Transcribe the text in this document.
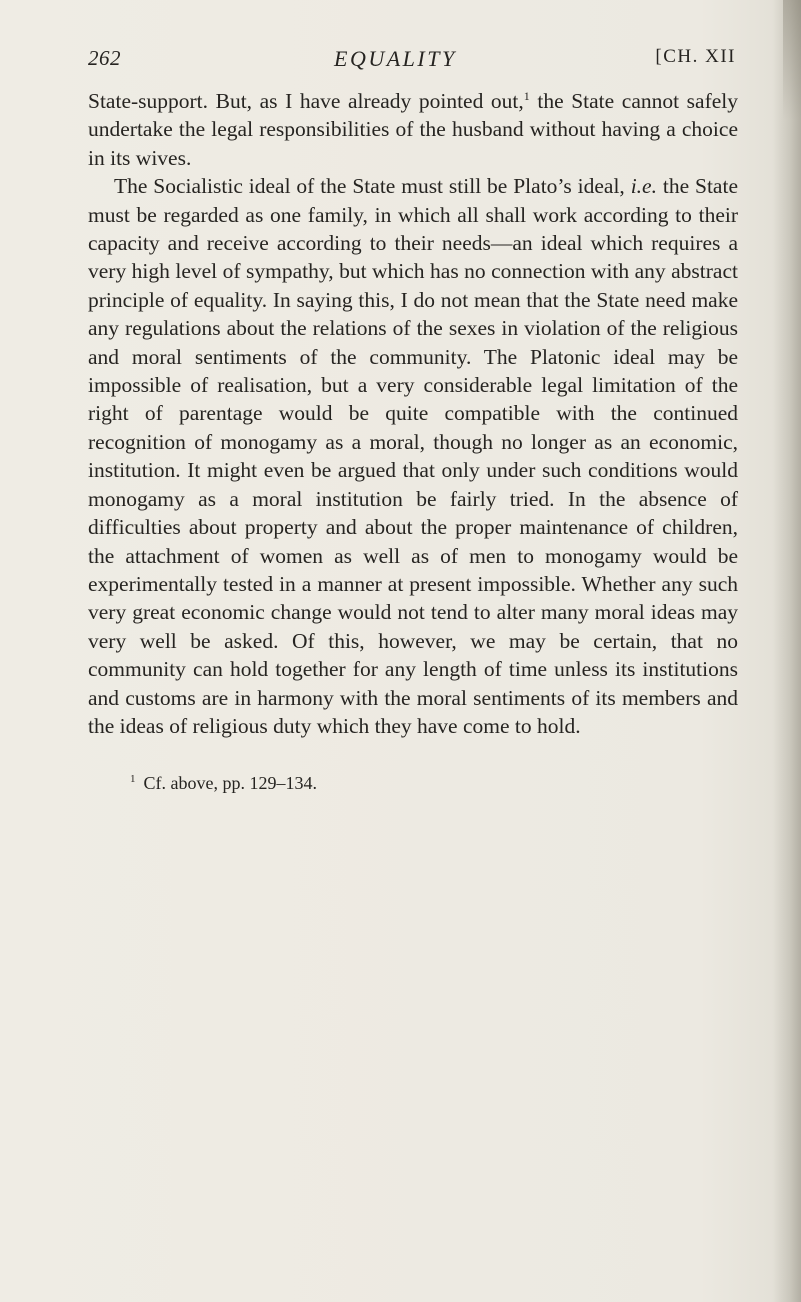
262	EQUALITY	[CH. XII

State-support. But, as I have already pointed out,$^1$ the State cannot safely undertake the legal responsibilities of the husband without having a choice in its wives.

The Socialistic ideal of the State must still be Plato’s ideal, i.e. the State must be regarded as one family, in which all shall work according to their capacity and receive according to their needs—an ideal which requires a very high level of sympathy, but which has no connection with any abstract principle of equality. In saying this, I do not mean that the State need make any regulations about the relations of the sexes in violation of the religious and moral sentiments of the community. The Platonic ideal may be impossible of realisation, but a very considerable legal limitation of the right of parentage would be quite compatible with the continued recognition of monogamy as a moral, though no longer as an economic, institution. It might even be argued that only under such conditions would monogamy as a moral institution be fairly tried. In the absence of difficulties about property and about the proper maintenance of children, the attachment of women as well as of men to monogamy would be experimentally tested in a manner at present impossible. Whether any such very great economic change would not tend to alter many moral ideas may very well be asked. Of this, however, we may be certain, that no community can hold together for any length of time unless its institutions and customs are in harmony with the moral sentiments of its members and the ideas of religious duty which they have come to hold.

$^1$ Cf. above, pp. 129–134.
